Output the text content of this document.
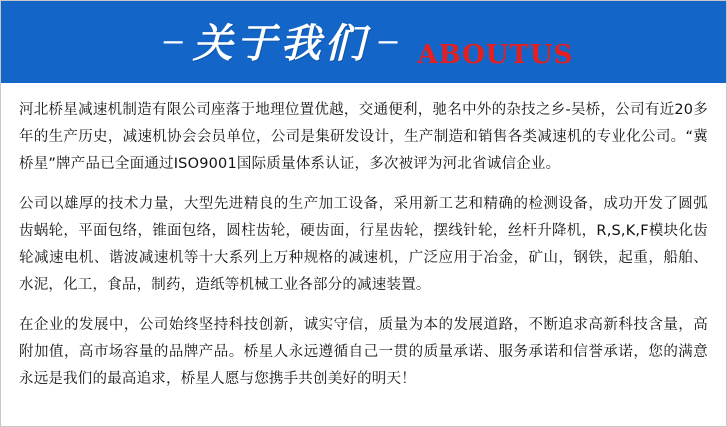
– 关于我们 – ABOUTUS

河北桥星减速机制造有限公司座落于地理位置优越，交通便利，驰名中外的杂技之乡-吴桥，公司有近20多年的生产历史，减速机协会会员单位，公司是集研发设计，生产制造和销售各类减速机的专业化公司。“冀桥星”牌产品已全面通过ISO9001国际质量体系认证，多次被评为河北省诚信企业。

公司以雄厚的技术力量，大型先进精良的生产加工设备，采用新工艺和精确的检测设备，成功开发了圆弧齿蜗轮，平面包络，锥面包络，圆柱齿轮，硬齿面，行星齿轮，摆线针轮，丝杆升降机，R,S,K,F模块化齿轮减速电机、谐波减速机等十大系列上万种规格的减速机，广泛应用于冶金，矿山，钢铁，起重，船舶、水泥，化工，食品，制药，造纸等机械工业各部分的减速装置。

在企业的发展中，公司始终坚持科技创新，诚实守信，质量为本的发展道路，不断追求高新科技含量，高附加值，高市场容量的品牌产品。桥星人永远遵循自己一贯的质量承诺、服务承诺和信誉承诺，您的满意永远是我们的最高追求，桥星人愿与您携手共创美好的明天！
